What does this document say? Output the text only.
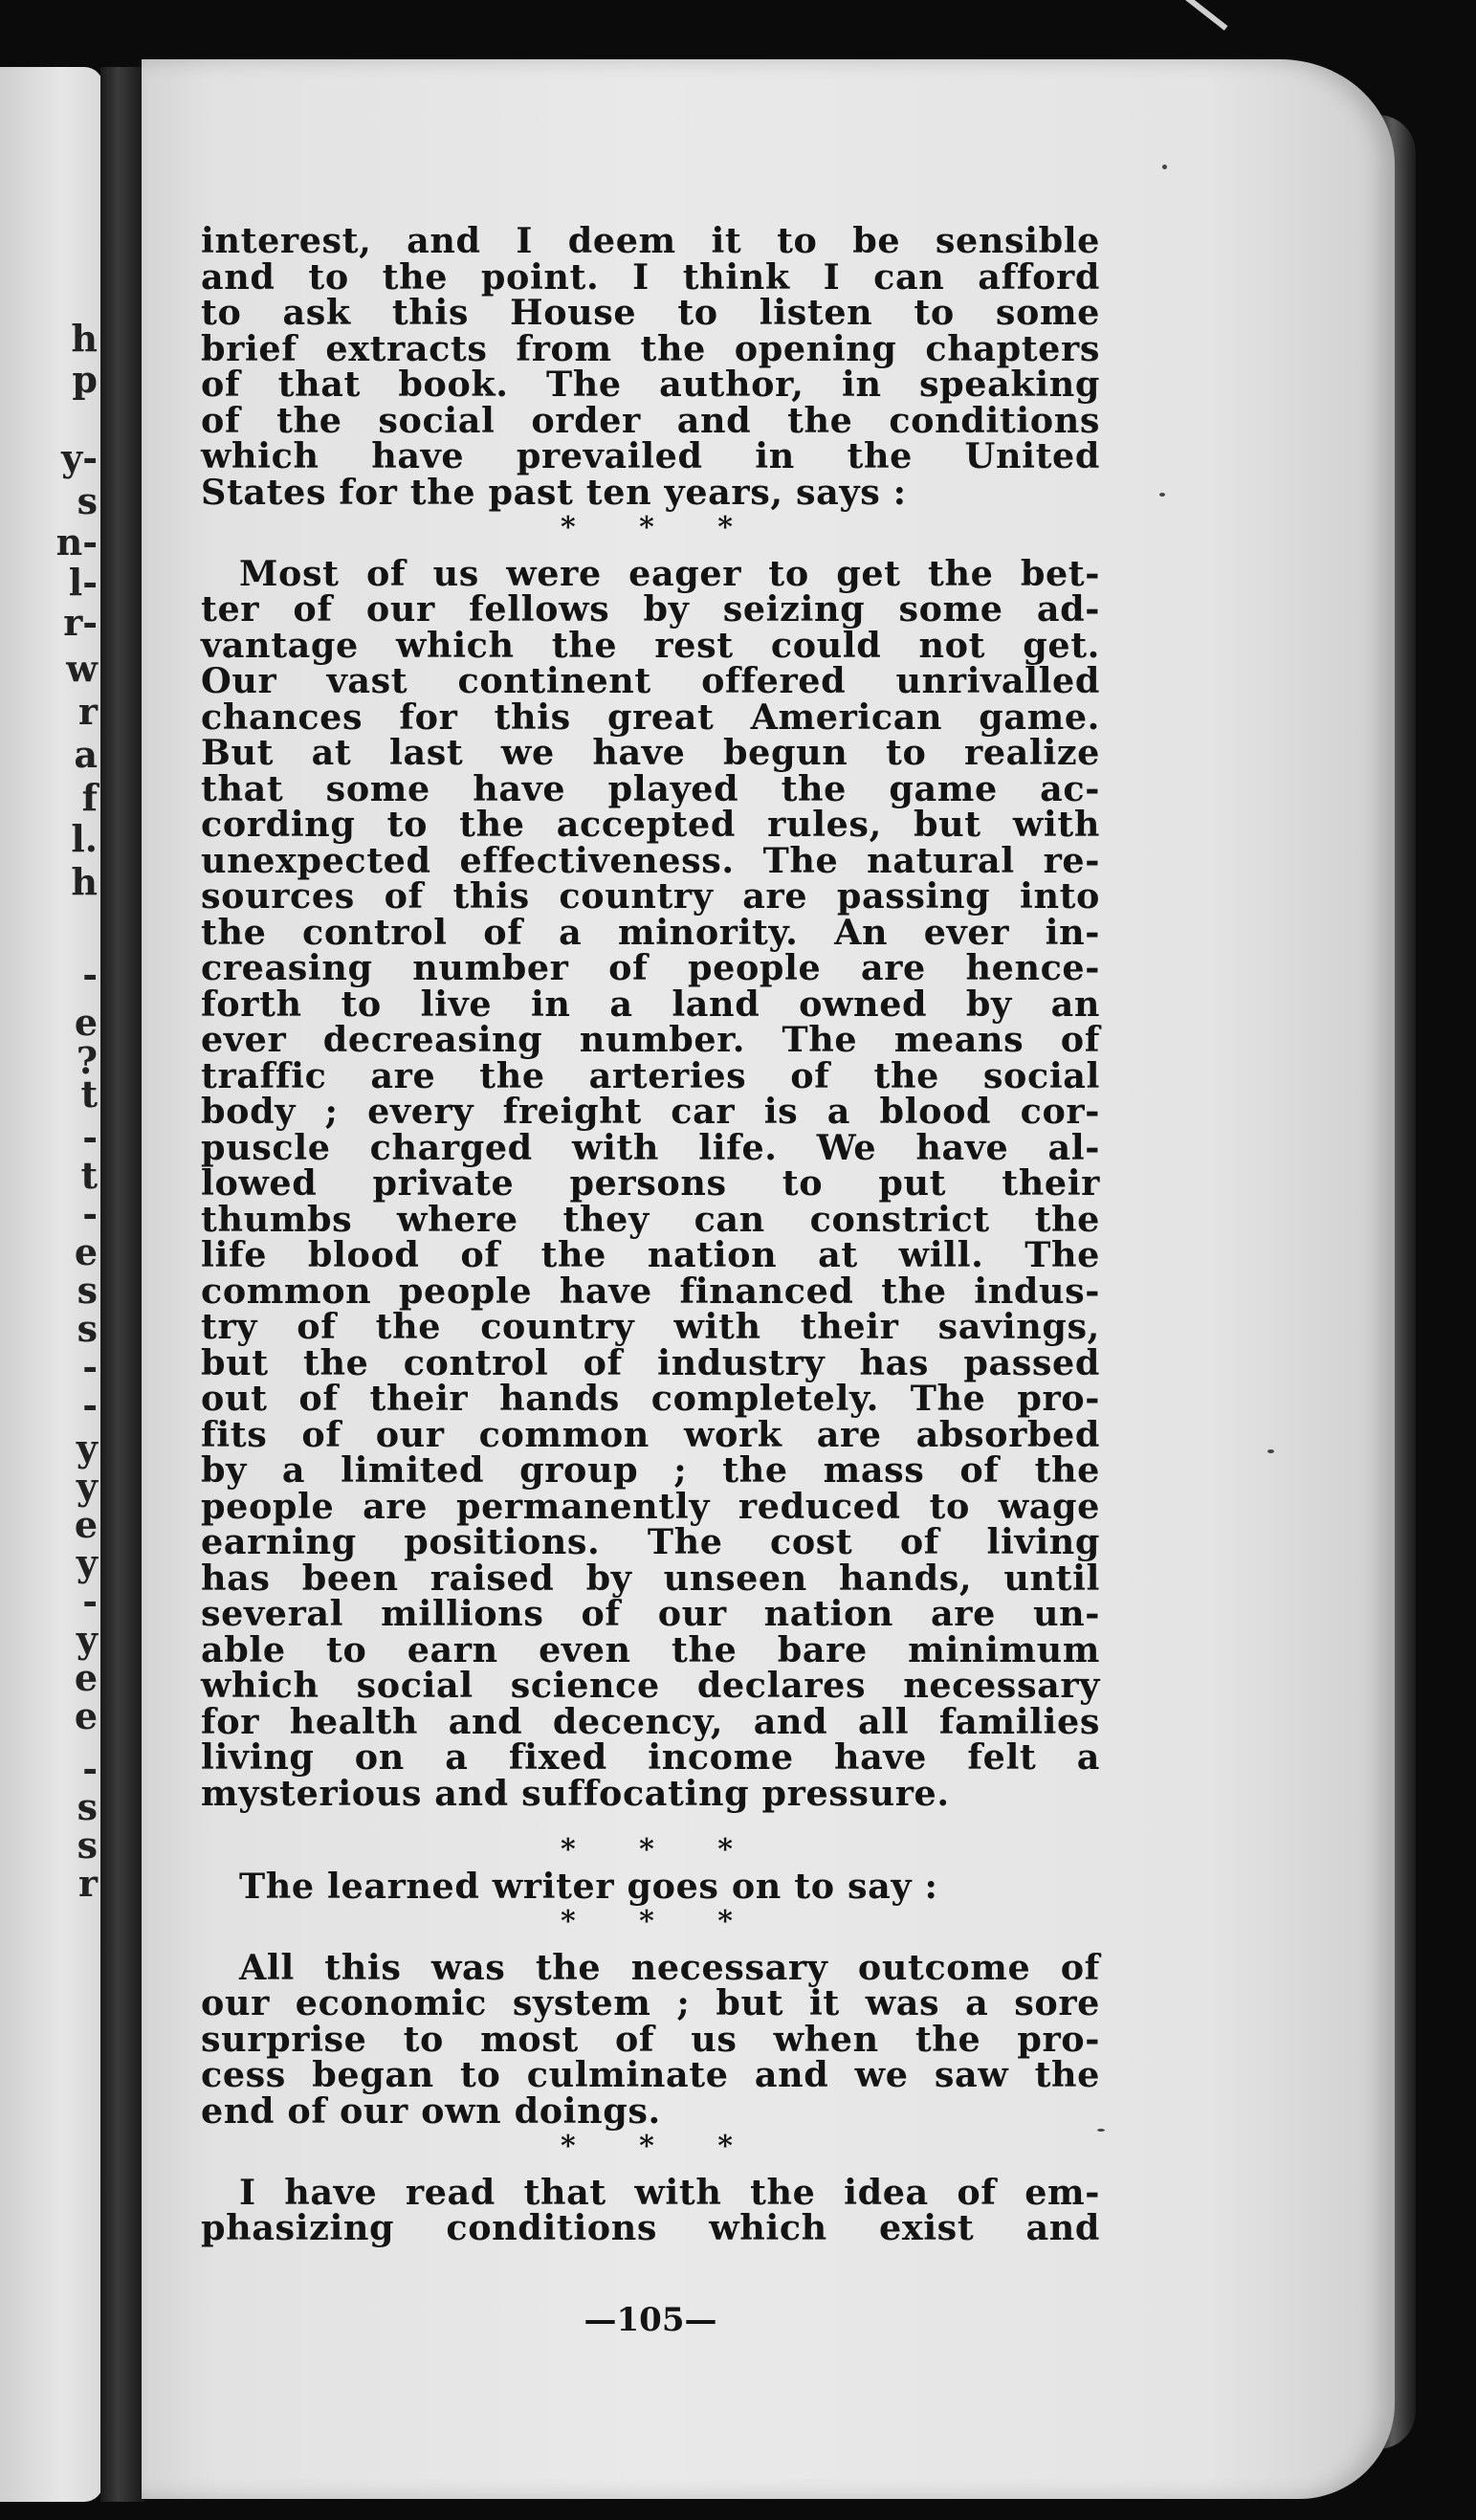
h
p
y-
s
n-
l-
r-
w
r
a
f
l.
h
-
e
?
t
-
t
-
e
s
s
-
-
y
y
e
y
-
y
e
e
-
s
s
r
interest, and I deem it to be sensible
and to the point. I think I can afford
to ask this House to listen to some
brief extracts from the opening chapters
of that book. The author, in speaking
of the social order and the conditions
which have prevailed in the United
States for the past ten years, says :
* * *
Most of us were eager to get the bet-
ter of our fellows by seizing some ad-
vantage which the rest could not get.
Our vast continent offered unrivalled
chances for this great American game.
But at last we have begun to realize
that some have played the game ac-
cording to the accepted rules, but with
unexpected effectiveness. The natural re-
sources of this country are passing into
the control of a minority. An ever in-
creasing number of people are hence-
forth to live in a land owned by an
ever decreasing number. The means of
traffic are the arteries of the social
body ; every freight car is a blood cor-
puscle charged with life. We have al-
lowed private persons to put their
thumbs where they can constrict the
life blood of the nation at will. The
common people have financed the indus-
try of the country with their savings,
but the control of industry has passed
out of their hands completely. The pro-
fits of our common work are absorbed
by a limited group ; the mass of the
people are permanently reduced to wage
earning positions. The cost of living
has been raised by unseen hands, until
several millions of our nation are un-
able to earn even the bare minimum
which social science declares necessary
for health and decency, and all families
living on a fixed income have felt a
mysterious and suffocating pressure.
* * *
The learned writer goes on to say :
* * *
All this was the necessary outcome of
our economic system ; but it was a sore
surprise to most of us when the pro-
cess began to culminate and we saw the
end of our own doings.
* * *
I have read that with the idea of em-
phasizing conditions which exist and
—105—
